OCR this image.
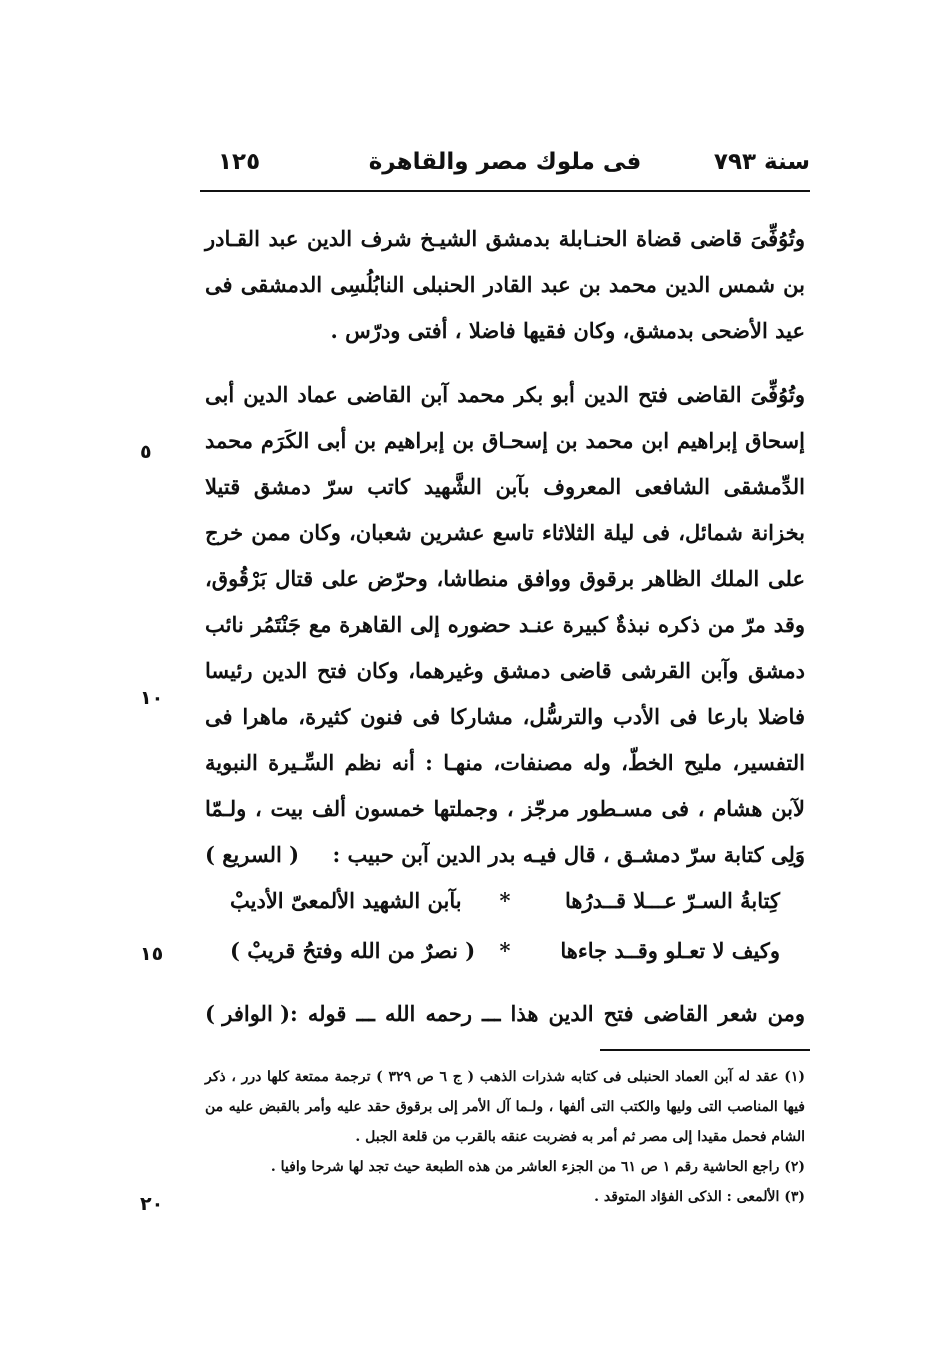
سنة ٧٩٣
فى ملوك مصر والقاهرة
١٢٥

وتُوُفِّىَ قاضى قضاة الحنـابلة بدمشق الشيـخ شرف الدين عبد القـادر بن شمس الدين محمد بن عبد القادر الحنبلى النابُلُسِى الدمشقى فى عيد الأضحى بدمشق، وكان فقيها فاضلا ، أفتى ودرّس .

وتُوُفِّىَ القاضى فتح الدين أبو بكر محمد آبن القاضى عماد الدين أبى إسحاق إبراهيم ابن محمد بن إسحـاق بن إبراهيم بن أبى الكَرَم محمد الدِّمشقى الشافعى المعروف بآبن الشَّهيد كاتب سرّ دمشق قتيلا بخزانة شمائل، فى ليلة الثلاثاء تاسع عشرين شعبان، وكان ممن خرج على الملك الظاهر برقوق ووافق منطاشا، وحرّض على قتال بَرْقُوق، وقد مرّ من ذكره نبذةٌ كبيرة عنـد حضوره إلى القاهرة مع جَنْتَمُر نائب دمشق وآبن القرشى قاضى دمشق وغيرهما، وكان فتح الدين رئيسا فاضلا بارعا فى الأدب والترسُّل، مشاركا فى فنون كثيرة، ماهرا فى التفسير، مليح الخطّ، وله مصنفات، منهـا : أنه نظم السِّـيرة النبوية لآبن هشام ، فى مسـطور مرجّز ، وجملتها خمسون ألف بيت ، ولـمّا وَلِى كتابة سرّ دمشـق ، قال فيـه بدر الدين آبن حبيب :
( السريع )

كِتابةُ السـرّ عـــلا قــدرُها
*
بآبن الشهيد الألمعىّ الأديبْ
وكيف لا تعـلو وقــد جاءها
*
( نصرٌ من الله وفتحُ قريبْ )
ومن شعر القاضى فتح الدين هذا ـــ رحمه الله ـــ قوله :
( الوافر )

(١) عقد له آبن العماد الحنبلى فى كتابه شذرات الذهب ( ج ٦ ص ٣٢٩ ) ترجمة ممتعة كلها درر ، ذكر فيها المناصب التى وليها والكتب التى ألفها ، ولـما آل الأمر إلى برقوق حقد عليه وأمر بالقبض عليه من الشام فحمل مقيدا إلى مصر ثم أمر به فضربت عنقه بالقرب من قلعة الجبل .

(٢) راجع الحاشية رقم ١ ص ٦١ من الجزء العاشر من هذه الطبعة حيث تجد لها شرحا وافيا .

(٣) الألمعى : الذكى الفؤاد المتوقد .

٥
١٠
١٥
٢٠
